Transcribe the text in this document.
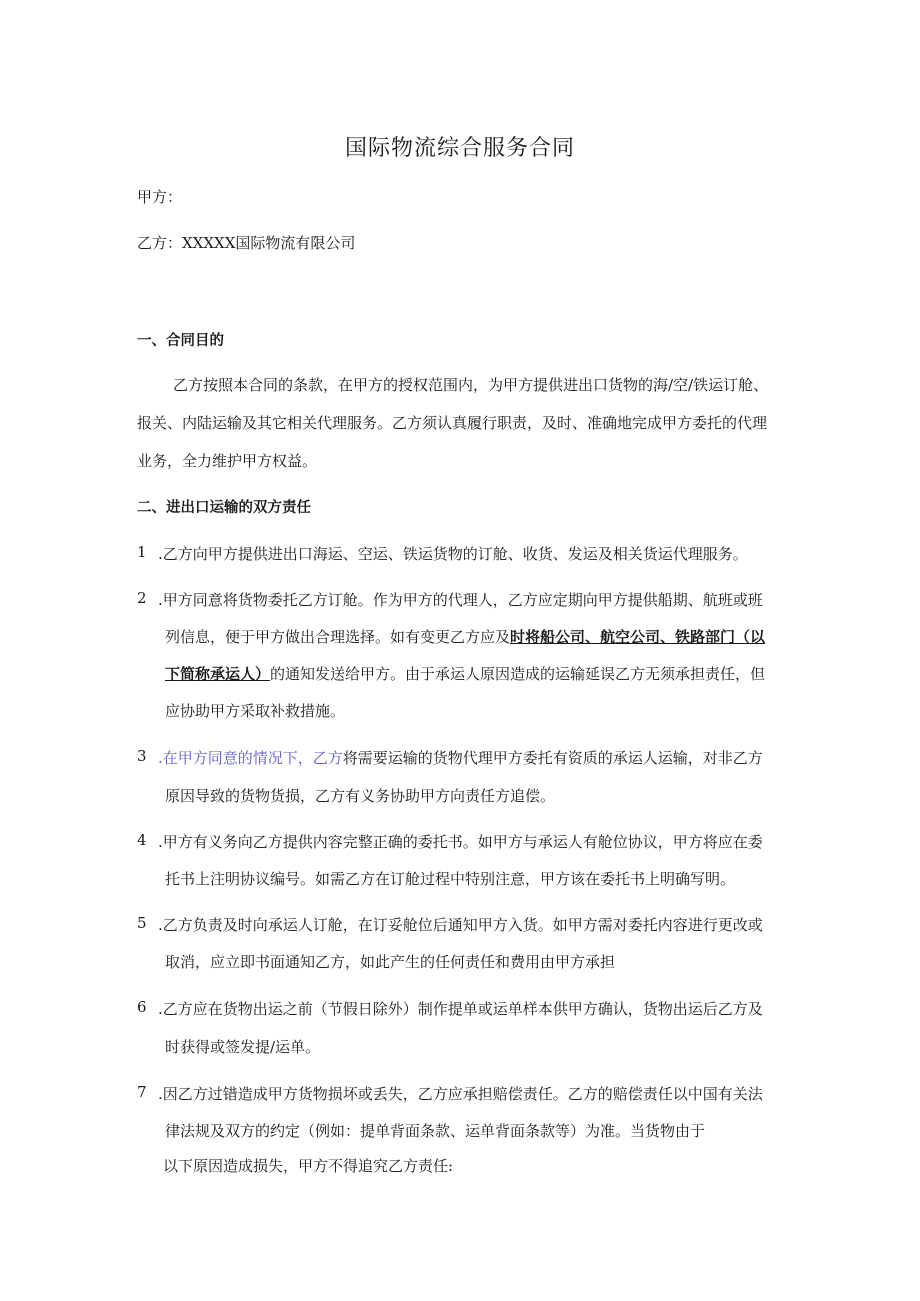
国际物流综合服务合同
甲方：
乙方：XXXXX国际物流有限公司
一、合同目的
乙方按照本合同的条款，在甲方的授权范围内，为甲方提供进出口货物的海/空/铁运订舱、
报关、内陆运输及其它相关代理服务。乙方须认真履行职责，及时、准确地完成甲方委托的代理
业务，全力维护甲方权益。
二、进出口运输的双方责任
1 .乙方向甲方提供进出口海运、空运、铁运货物的订舱、收货、发运及相关货运代理服务。
2 .甲方同意将货物委托乙方订舱。作为甲方的代理人，乙方应定期向甲方提供船期、航班或班
列信息，便于甲方做出合理选择。如有变更乙方应及时将船公司、航空公司、铁路部门（以
下简称承运人）的通知发送给甲方。由于承运人原因造成的运输延误乙方无须承担责任，但
应协助甲方采取补救措施。
3 .在甲方同意的情况下，乙方将需要运输的货物代理甲方委托有资质的承运人运输，对非乙方
原因导致的货物货损，乙方有义务协助甲方向责任方追偿。
4 .甲方有义务向乙方提供内容完整正确的委托书。如甲方与承运人有舱位协议，甲方将应在委
托书上注明协议编号。如需乙方在订舱过程中特别注意，甲方该在委托书上明确写明。
5 .乙方负责及时向承运人订舱，在订妥舱位后通知甲方入货。如甲方需对委托内容进行更改或
取消，应立即书面通知乙方，如此产生的任何责任和费用由甲方承担
6 .乙方应在货物出运之前（节假日除外）制作提单或运单样本供甲方确认，货物出运后乙方及
时获得或签发提/运单。
7 .因乙方过错造成甲方货物损坏或丢失，乙方应承担赔偿责任。乙方的赔偿责任以中国有关法
律法规及双方的约定（例如：提单背面条款、运单背面条款等）为准。当货物由于
以下原因造成损失，甲方不得追究乙方责任:
